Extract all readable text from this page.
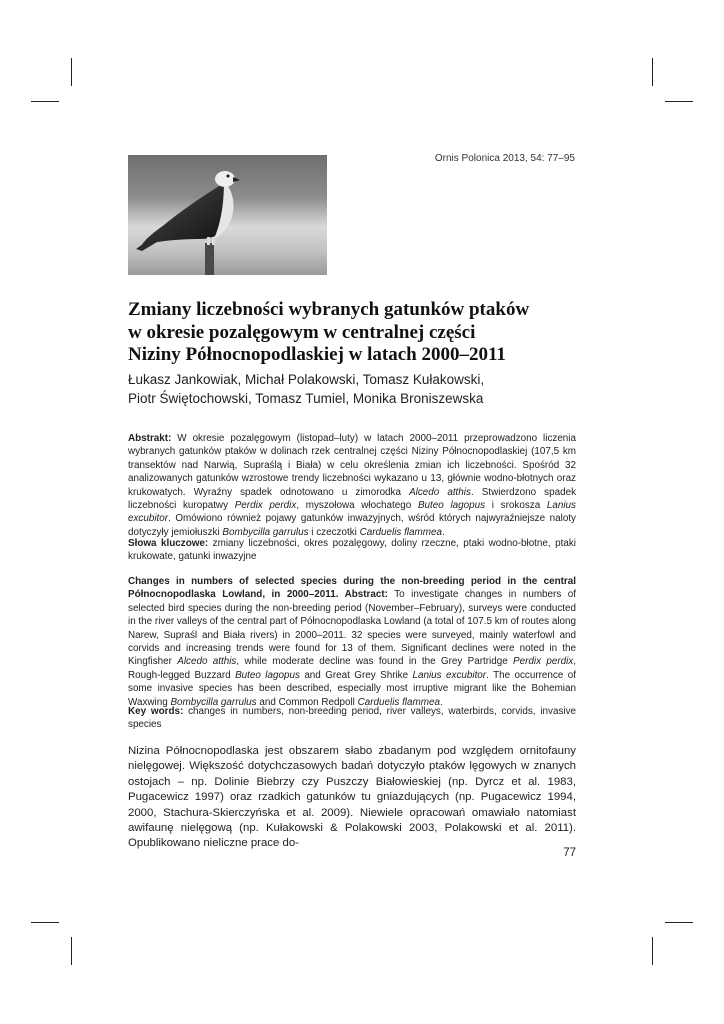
Ornis Polonica 2013, 54: 77–95
Zmiany liczebności wybranych gatunków ptaków
w okresie pozalęgowym w centralnej części
Niziny Północnopodlaskiej w latach 2000–2011
Łukasz Jankowiak, Michał Polakowski, Tomasz Kułakowski,
Piotr Świętochowski, Tomasz Tumiel, Monika Broniszewska
Abstrakt: W okresie pozalęgowym (listopad–luty) w latach 2000–2011 przeprowadzono liczenia wybranych gatunków ptaków w dolinach rzek centralnej części Niziny Północnopodlaskiej (107,5 km transektów nad Narwią, Supraślą i Biała) w celu określenia zmian ich liczebności. Spośród 32 analizowanych gatunków wzrostowe trendy liczebności wykazano u 13, głównie wodno-błotnych oraz krukowatych. Wyraźny spadek odnotowano u zimorodka Alcedo atthis. Stwierdzono spadek liczebności kuropatwy Perdix perdix, myszołowa włochatego Buteo lagopus i srokosza Lanius excubitor. Omówiono również pojawy gatunków inwazyjnych, wśród których najwyraźniejsze naloty dotyczyły jemiołuszki Bombycilla garrulus i czeczotki Carduelis flammea.
Słowa kluczowe: zmiany liczebności, okres pozalęgowy, doliny rzeczne, ptaki wodno-błotne, ptaki krukowate, gatunki inwazyjne
Changes in numbers of selected species during the non-breeding period in the central Północnopodlaska Lowland, in 2000–2011. Abstract: To investigate changes in numbers of selected bird species during the non-breeding period (November–February), surveys were conducted in the river valleys of the central part of Północnopodlaska Lowland (a total of 107.5 km of routes along Narew, Supraśl and Biała rivers) in 2000–2011. 32 species were surveyed, mainly waterfowl and corvids and increasing trends were found for 13 of them. Significant declines were noted in the Kingfisher Alcedo atthis, while moderate decline was found in the Grey Partridge Perdix perdix, Rough-legged Buzzard Buteo lagopus and Great Grey Shrike Lanius excubitor. The occurrence of some invasive species has been described, especially most irruptive migrant like the Bohemian Waxwing Bombycilla garrulus and Common Redpoll Carduelis flammea.
Key words: changes in numbers, non-breeding period, river valleys, waterbirds, corvids, invasive species

Nizina Północnopodlaska jest obszarem słabo zbadanym pod względem ornitofauny nielęgowej. Większość dotychczasowych badań dotyczyło ptaków lęgowych w znanych ostojach – np. Dolinie Biebrzy czy Puszczy Białowieskiej (np. Dyrcz et al. 1983, Pugacewicz 1997) oraz rzadkich gatunków tu gniazdujących (np. Pugacewicz 1994, 2000, Stachura-Skierczyńska et al. 2009). Niewiele opracowań omawiało natomiast awifaunę nielęgową (np. Kułakowski & Polakowski 2003, Polakowski et al. 2011). Opublikowano nieliczne prace do-

77
